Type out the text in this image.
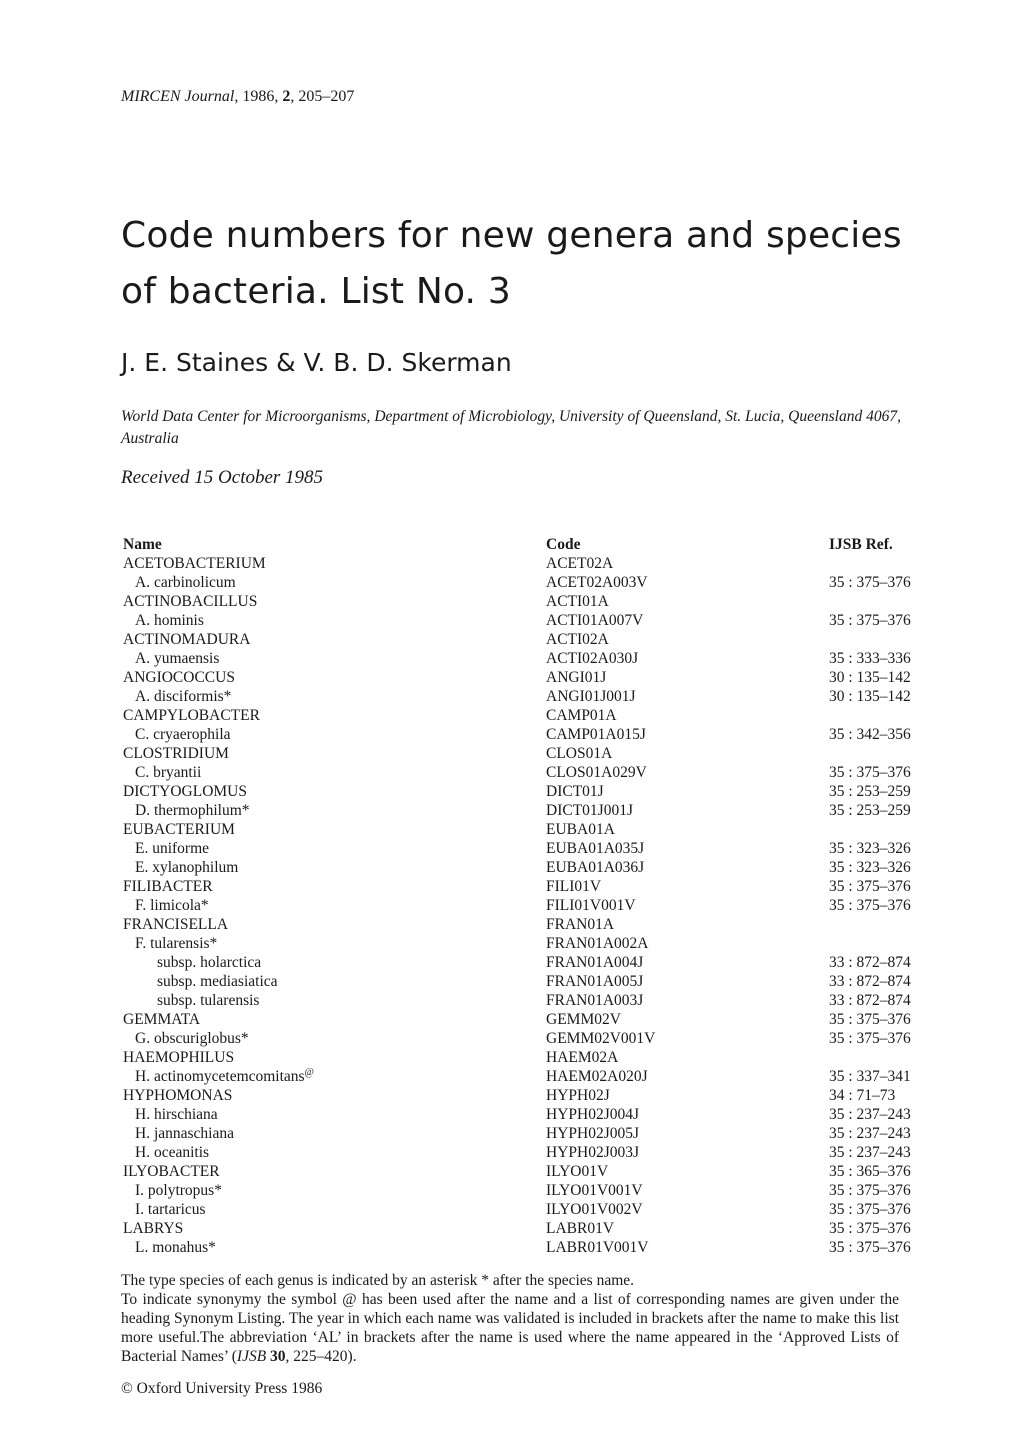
MIRCEN Journal, 1986, 2, 205–207
Code numbers for new genera and species
of bacteria. List No. 3
J. E. Staines & V. B. D. Skerman
World Data Center for Microorganisms, Department of Microbiology, University of Queensland, St. Lucia, Queensland 4067, Australia
Received 15 October 1985
Name	Code	IJSB Ref.
ACETOBACTERIUM	ACET02A	
A. carbinolicum	ACET02A003V	35 : 375–376
ACTINOBACILLUS	ACTI01A	
A. hominis	ACTI01A007V	35 : 375–376
ACTINOMADURA	ACTI02A	
A. yumaensis	ACTI02A030J	35 : 333–336
ANGIOCOCCUS	ANGI01J	30 : 135–142
A. disciformis*	ANGI01J001J	30 : 135–142
CAMPYLOBACTER	CAMP01A	
C. cryaerophila	CAMP01A015J	35 : 342–356
CLOSTRIDIUM	CLOS01A	
C. bryantii	CLOS01A029V	35 : 375–376
DICTYOGLOMUS	DICT01J	35 : 253–259
D. thermophilum*	DICT01J001J	35 : 253–259
EUBACTERIUM	EUBA01A	
E. uniforme	EUBA01A035J	35 : 323–326
E. xylanophilum	EUBA01A036J	35 : 323–326
FILIBACTER	FILI01V	35 : 375–376
F. limicola*	FILI01V001V	35 : 375–376
FRANCISELLA	FRAN01A	
F. tularensis*	FRAN01A002A	
subsp. holarctica	FRAN01A004J	33 : 872–874
subsp. mediasiatica	FRAN01A005J	33 : 872–874
subsp. tularensis	FRAN01A003J	33 : 872–874
GEMMATA	GEMM02V	35 : 375–376
G. obscuriglobus*	GEMM02V001V	35 : 375–376
HAEMOPHILUS	HAEM02A	
H. actinomycetemcomitans@	HAEM02A020J	35 : 337–341
HYPHOMONAS	HYPH02J	34 : 71–73
H. hirschiana	HYPH02J004J	35 : 237–243
H. jannaschiana	HYPH02J005J	35 : 237–243
H. oceanitis	HYPH02J003J	35 : 237–243
ILYOBACTER	ILYO01V	35 : 365–376
I. polytropus*	ILYO01V001V	35 : 375–376
I. tartaricus	ILYO01V002V	35 : 375–376
LABRYS	LABR01V	35 : 375–376
L. monahus*	LABR01V001V	35 : 375–376

The type species of each genus is indicated by an asterisk * after the species name.

To indicate synonymy the symbol @ has been used after the name and a list of corresponding names are given under the heading Synonym Listing. The year in which each name was validated is included in brackets after the name to make this list more useful.The abbreviation ‘AL’ in brackets after the name is used where the name appeared in the ‘Approved Lists of Bacterial Names’ (IJSB 30, 225–420).

© Oxford University Press 1986
